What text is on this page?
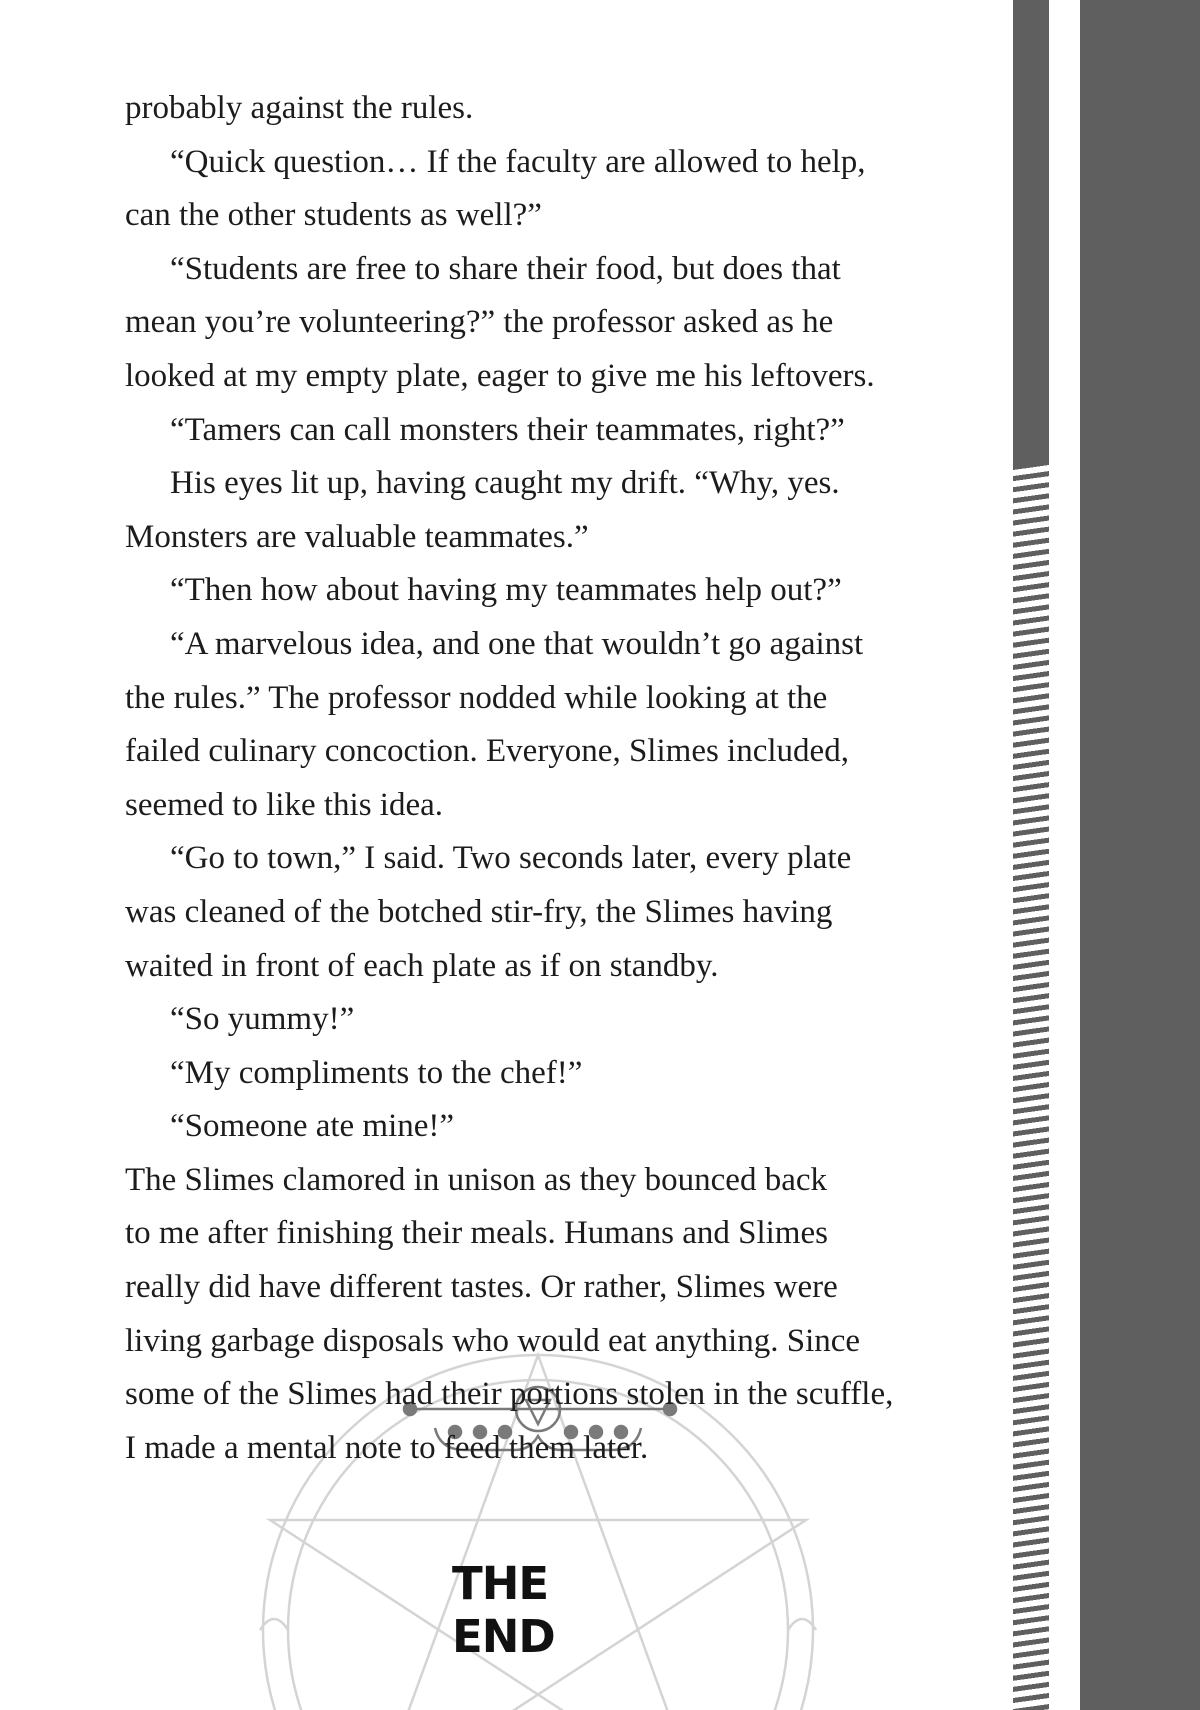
probably against the rules.

“Quick question… If the faculty are allowed to help,

can the other students as well?”

“Students are free to share their food, but does that

mean you’re volunteering?” the professor asked as he

looked at my empty plate, eager to give me his leftovers.

“Tamers can call monsters their teammates, right?”

His eyes lit up, having caught my drift. “Why, yes.

Monsters are valuable teammates.”

“Then how about having my teammates help out?”

“A marvelous idea, and one that wouldn’t go against

the rules.” The professor nodded while looking at the

failed culinary concoction. Everyone, Slimes included,

seemed to like this idea.

“Go to town,” I said. Two seconds later, every plate

was cleaned of the botched stir-fry, the Slimes having

waited in front of each plate as if on standby.

“So yummy!”

“My compliments to the chef!”

“Someone ate mine!”

The Slimes clamored in unison as they bounced back

to me after finishing their meals. Humans and Slimes

really did have different tastes. Or rather, Slimes were

living garbage disposals who would eat anything. Since

some of the Slimes had their portions stolen in the scuffle,

I made a mental note to feed them later.

THE END
